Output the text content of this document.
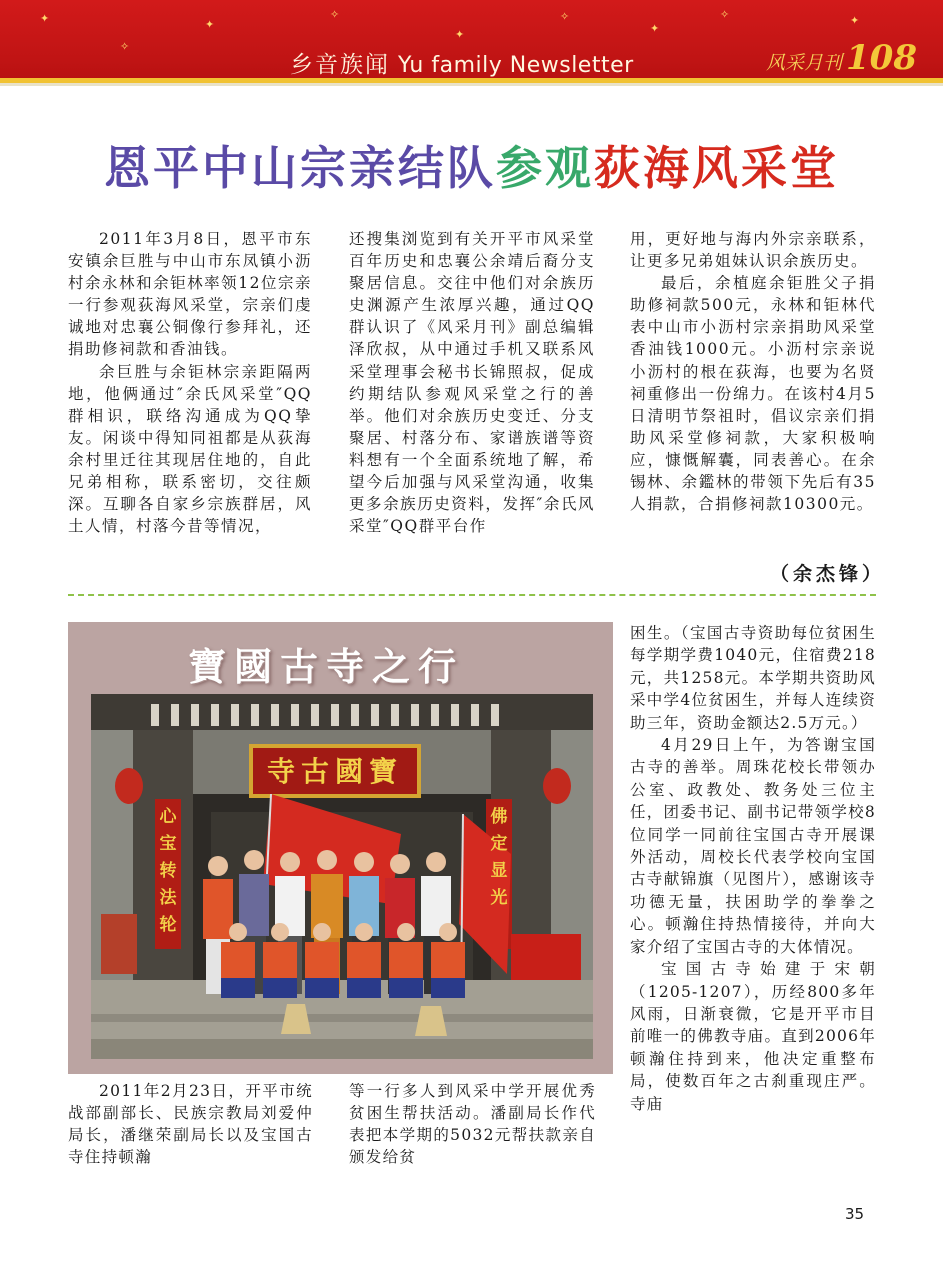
✦
✧
✦
✧
✦
✧
✦
✧	✦
乡音族闻 Yu family Newsletter	风采月刊 108
恩平中山宗亲结队参观荻海风采堂

2011年3月8日，恩平市东安镇余巨胜与中山市东凤镇小沥村余永林和余钜林率领12位宗亲一行参观荻海风采堂，宗亲们虔诚地对忠襄公铜像行参拜礼，还捐助修祠款和香油钱。

余巨胜与余钜林宗亲距隔两地，他俩通过″余氏风采堂″QQ群相识，联络沟通成为QQ挚友。闲谈中得知同祖都是从荻海余村里迁往其现居住地的，自此兄弟相称，联系密切，交往颇深。互聊各自家乡宗族群居，风土人情，村落今昔等情况，

还搜集浏览到有关开平市风采堂百年历史和忠襄公余靖后裔分支聚居信息。交往中他们对余族历史渊源产生浓厚兴趣，通过QQ群认识了《风采月刊》副总编辑泽欣叔，从中通过手机又联系风采堂理事会秘书长锦照叔，促成约期结队参观风采堂之行的善举。他们对余族历史变迁、分支聚居、村落分布、家谱族谱等资料想有一个全面系统地了解，希望今后加强与风采堂沟通，收集更多余族历史资料，发挥″余氏风采堂″QQ群平台作

用，更好地与海内外宗亲联系，让更多兄弟姐妹认识余族历史。

最后，余植庭余钜胜父子捐助修祠款500元，永林和钜林代表中山市小沥村宗亲捐助风采堂香油钱1000元。小沥村宗亲说小沥村的根在荻海，也要为名贤祠重修出一份绵力。在该村4月5日清明节祭祖时，倡议宗亲们捐助风采堂修祠款，大家积极响应，慷慨解囊，同表善心。在余锡林、余鑑林的带领下先后有35人捐款，合捐修祠款10300元。

（余杰锋）
寶國古寺之行
寶國古寺
心宝转法轮
佛定显光

2011年2月23日，开平市统战部副部长、民族宗教局刘爱仲局长，潘继荣副局长以及宝国古寺住持顿瀚

等一行多人到风采中学开展优秀贫困生帮扶活动。潘副局长作代表把本学期的5032元帮扶款亲自颁发给贫

困生。（宝国古寺资助每位贫困生每学期学费1040元，住宿费218元，共1258元。本学期共资助风采中学4位贫困生，并每人连续资助三年，资助金额达2.5万元。）

4月29日上午，为答谢宝国古寺的善举。周珠花校长带领办公室、政教处、教务处三位主任，团委书记、副书记带领学校8位同学一同前往宝国古寺开展课外活动，周校长代表学校向宝国古寺献锦旗（见图片），感谢该寺功德无量，扶困助学的拳拳之心。顿瀚住持热情接待，并向大家介绍了宝国古寺的大体情况。

宝国古寺始建于宋朝（1205-1207），历经800多年风雨，日渐衰微，它是开平市目前唯一的佛教寺庙。直到2006年顿瀚住持到来，他决定重整布局，使数百年之古刹重现庄严。寺庙

35
